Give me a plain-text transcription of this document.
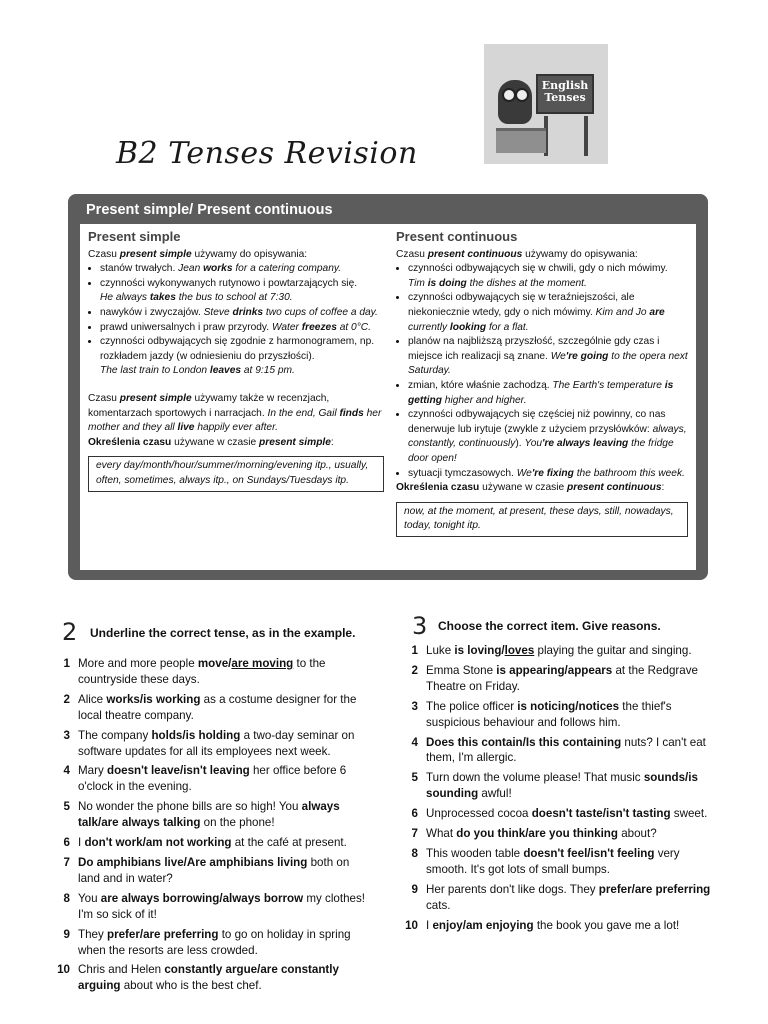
B2 Tenses Revision
English Tenses
Present simple/ Present continuous
Present simple

Czasu present simple używamy do opisywania:

• stanów trwałych. Jean works for a catering company.
• czynności wykonywanych rutynowo i powtarzających się.
He always takes the bus to school at 7:30.
• nawyków i zwyczajów. Steve drinks two cups of coffee a day.
• prawd uniwersalnych i praw przyrody. Water freezes at 0°C.
• czynności odbywających się zgodnie z harmonogramem, np. rozkładem jazdy (w odniesieniu do przyszłości).
The last train to London leaves at 9:15 pm.

Czasu present simple używamy także w recenzjach, komentarzach sportowych i narracjach. In the end, Gail finds her mother and they all live happily ever after.

Określenia czasu używane w czasie present simple:

every day/month/hour/summer/morning/evening itp., usually, often, sometimes, always itp., on Sundays/Tuesdays itp.
Present continuous

Czasu present continuous używamy do opisywania:

• czynności odbywających się w chwili, gdy o nich mówimy.
Tim is doing the dishes at the moment.
• czynności odbywających się w teraźniejszości, ale niekoniecznie wtedy, gdy o nich mówimy. Kim and Jo are currently looking for a flat.
• planów na najbliższą przyszłość, szczególnie gdy czas i miejsce ich realizacji są znane. We're going to the opera next Saturday.
• zmian, które właśnie zachodzą. The Earth's temperature is getting higher and higher.
• czynności odbywających się częściej niż powinny, co nas denerwuje lub irytuje (zwykle z użyciem przysłówków: always, constantly, continuously). You're always leaving the fridge door open!
• sytuacji tymczasowych. We're fixing the bathroom this week.

Określenia czasu używane w czasie present continuous:

now, at the moment, at present, these days, still, nowadays, today, tonight itp.
2 Underline the correct tense, as in the example.
1 More and more people move/are moving to the countryside these days.
2 Alice works/is working as a costume designer for the local theatre company.
3 The company holds/is holding a two-day seminar on software updates for all its employees next week.
4 Mary doesn't leave/isn't leaving her office before 6 o'clock in the evening.
5 No wonder the phone bills are so high! You always talk/are always talking on the phone!
6 I don't work/am not working at the café at present.
7 Do amphibians live/Are amphibians living both on land and in water?
8 You are always borrowing/always borrow my clothes! I'm so sick of it!
9 They prefer/are preferring to go on holiday in spring when the resorts are less crowded.
10 Chris and Helen constantly argue/are constantly arguing about who is the best chef.
3 Choose the correct item. Give reasons.
1 Luke is loving/loves playing the guitar and singing.
2 Emma Stone is appearing/appears at the Redgrave Theatre on Friday.
3 The police officer is noticing/notices the thief's suspicious behaviour and follows him.
4 Does this contain/Is this containing nuts? I can't eat them, I'm allergic.
5 Turn down the volume please! That music sounds/is sounding awful!
6 Unprocessed cocoa doesn't taste/isn't tasting sweet.
7 What do you think/are you thinking about?
8 This wooden table doesn't feel/isn't feeling very smooth. It's got lots of small bumps.
9 Her parents don't like dogs. They prefer/are preferring cats.
10 I enjoy/am enjoying the book you gave me a lot!
